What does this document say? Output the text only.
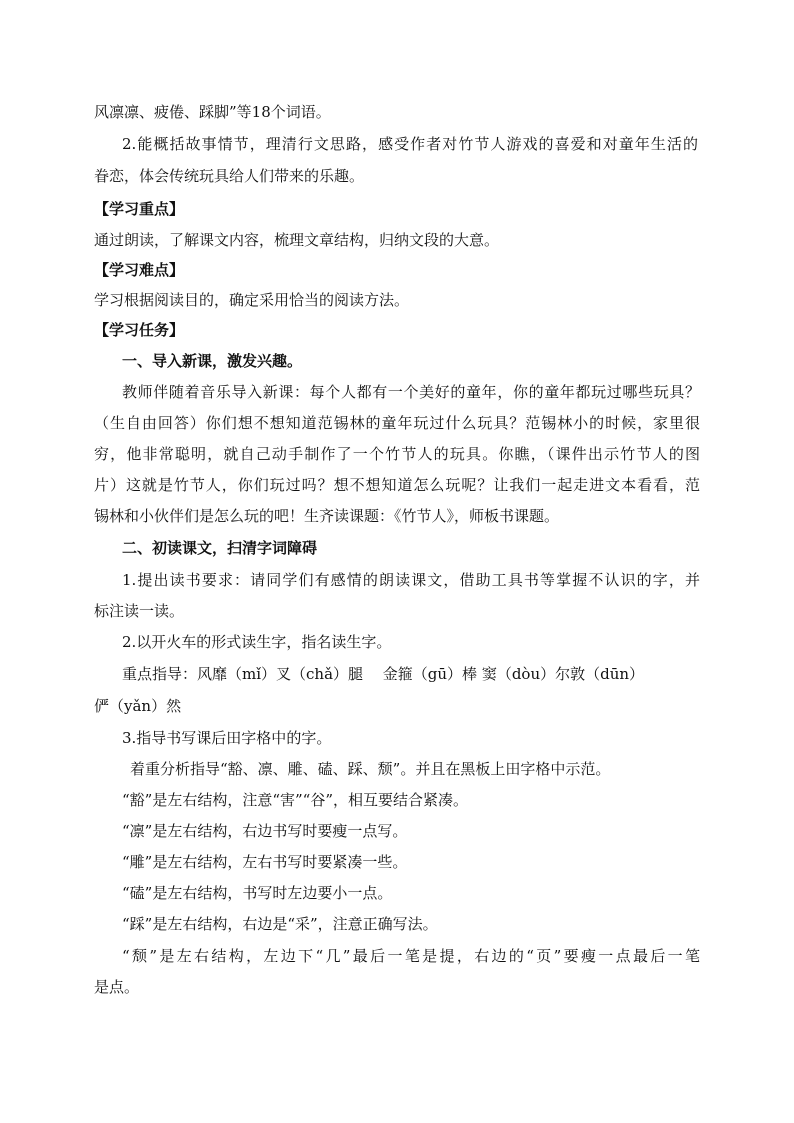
风凛凛、疲倦、踩脚”等18个词语。
2.能概括故事情节，理清行文思路，感受作者对竹节人游戏的喜爱和对童年生活的
眷恋，体会传统玩具给人们带来的乐趣。
【学习重点】
通过朗读，了解课文内容，梳理文章结构，归纳文段的大意。
【学习难点】
学习根据阅读目的，确定采用恰当的阅读方法。
【学习任务】
一、导入新课，激发兴趣。
教师伴随着音乐导入新课：每个人都有一个美好的童年，你的童年都玩过哪些玩具？
（生自由回答）你们想不想知道范锡林的童年玩过什么玩具？范锡林小的时候，家里很
穷，他非常聪明，就自己动手制作了一个竹节人的玩具。你瞧，（课件出示竹节人的图
片）这就是竹节人，你们玩过吗？想不想知道怎么玩呢？让我们一起走进文本看看，范
锡林和小伙伴们是怎么玩的吧！生齐读课题：《竹节人》，师板书课题。
二、初读课文，扫清字词障碍
1.提出读书要求：请同学们有感情的朗读课文，借助工具书等掌握不认识的字，并
标注读一读。
2.以开火车的形式读生字，指名读生字。
重点指导：风靡（mǐ）叉（chǎ）腿　 金箍（gū）棒 窦（dòu）尔敦（dūn）
俨（yǎn）然
3.指导书写课后田字格中的字。
着重分析指导“豁、凛、雕、磕、踩、颓”。并且在黑板上田字格中示范。
“豁”是左右结构，注意“害”“谷”，相互要结合紧凑。
“凛”是左右结构，右边书写时要瘦一点写。
“雕”是左右结构，左右书写时要紧凑一些。
“磕”是左右结构，书写时左边要小一点。
“踩”是左右结构，右边是“采”，注意正确写法。
“颓”是左右结构，左边下“几”最后一笔是提，右边的“页”要瘦一点最后一笔
是点。
